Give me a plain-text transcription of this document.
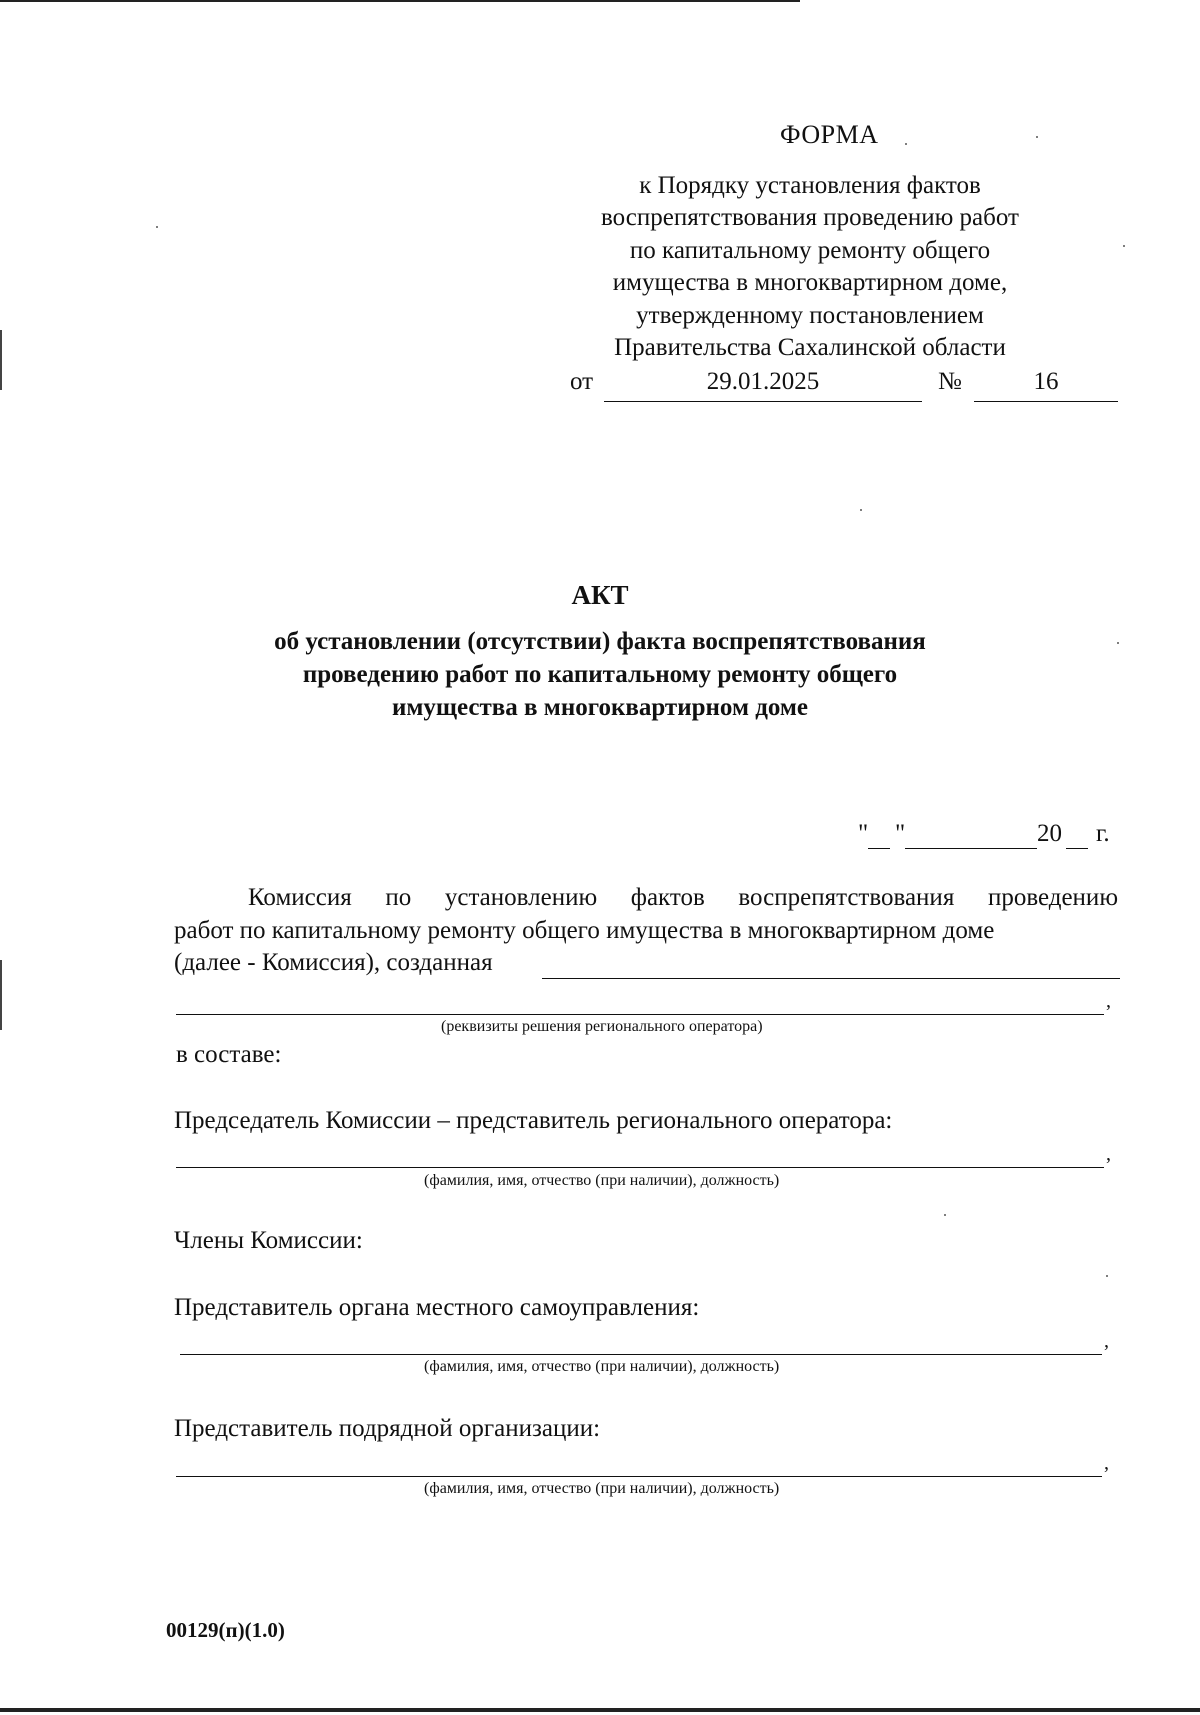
ФОРМА
к Порядку установления фактов
воспрепятствования проведению работ
по капитальному ремонту общего
имущества в многоквартирном доме,
утвержденному постановлением
Правительства Сахалинской области
от	29.01.2025	№	16
АКТ
об установлении (отсутствии) факта воспрепятствования
проведению работ по капитальному ремонту общего
имущества в многоквартирном доме
" "	20 г.
Комиссия по установлению фактов воспрепятствования проведению
работ по капитальному ремонту общего имущества в многоквартирном доме
(далее - Комиссия), созданная
,
(реквизиты решения регионального оператора)
в составе:
Председатель Комиссии – представитель регионального оператора:
,
(фамилия, имя, отчество (при наличии), должность)
Члены Комиссии:
Представитель органа местного самоуправления:
,
(фамилия, имя, отчество (при наличии), должность)
Представитель подрядной организации:
,
(фамилия, имя, отчество (при наличии), должность)
00129(п)(1.0)
